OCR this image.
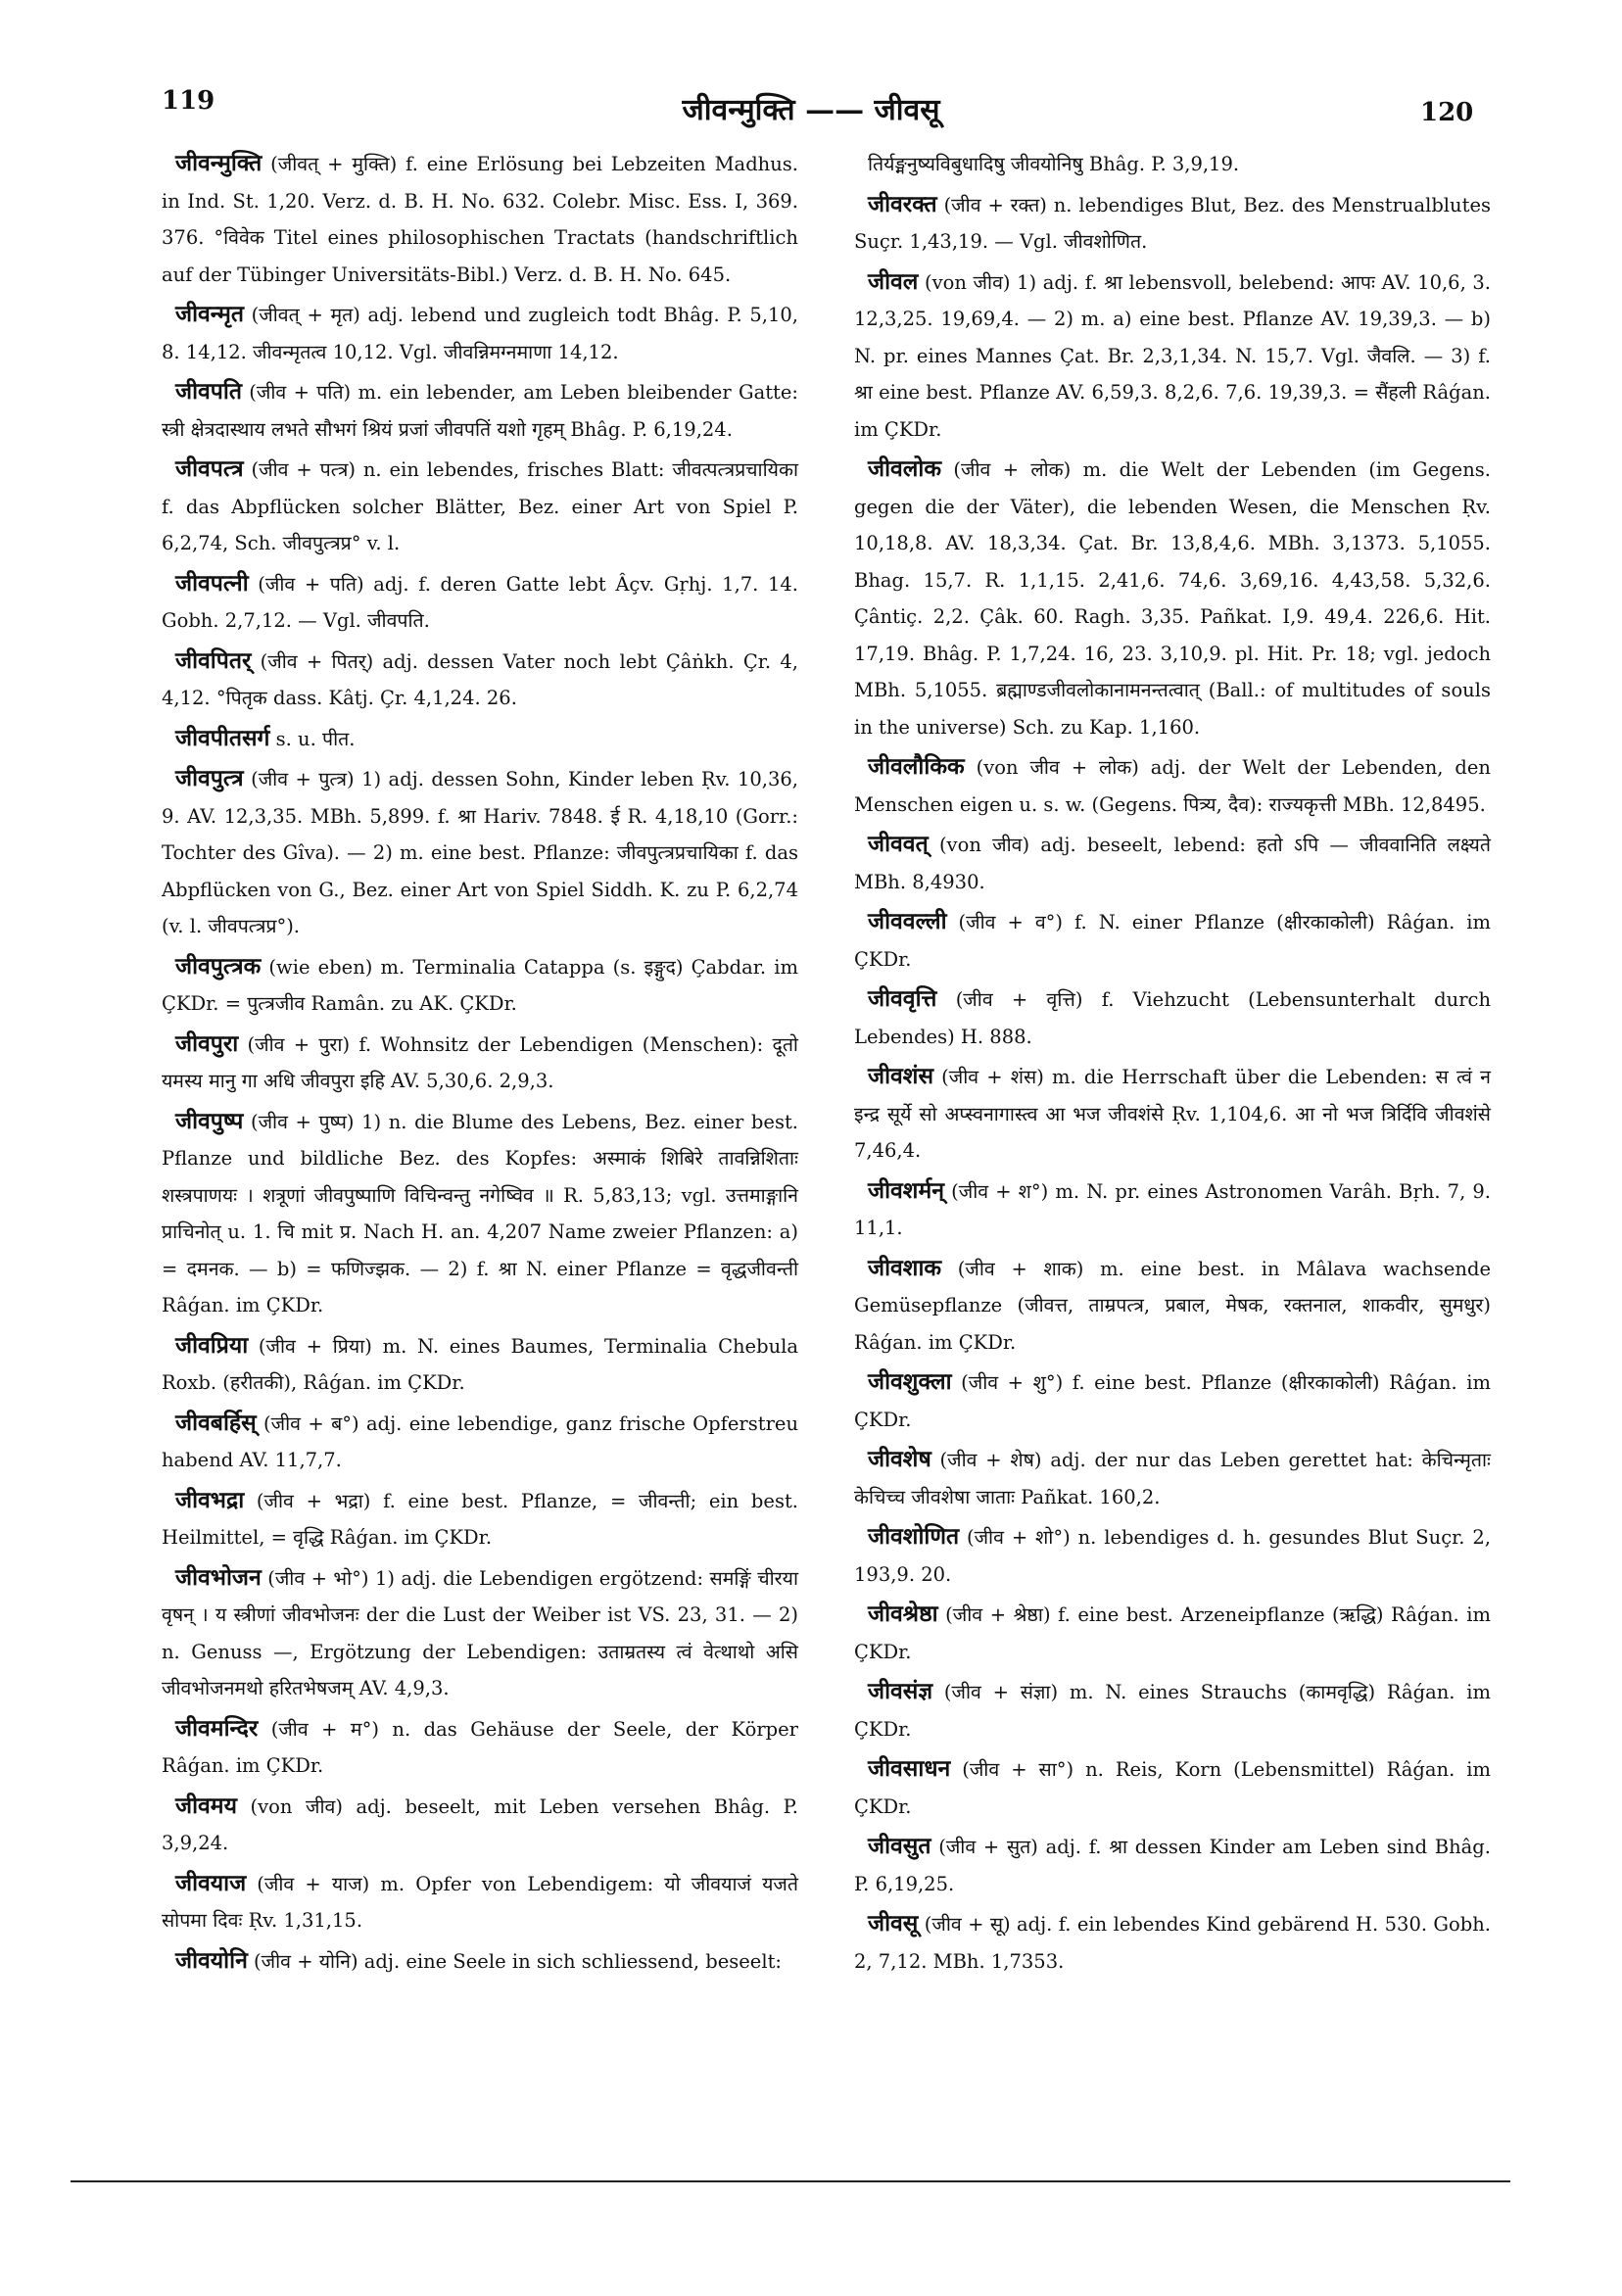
119	जीवन्मुक्ति —— जीवसू	120

जीवन्मुक्ति (जीवत् + मुक्ति) f. eine Erlösung bei Lebzeiten Madhus. in Ind. St. 1,20. Verz. d. B. H. No. 632. Colebr. Misc. Ess. I, 369. 376. °विवेक Titel eines philosophischen Tractats (handschriftlich auf der Tübinger Universitäts-Bibl.) Verz. d. B. H. No. 645.

जीवन्मृत (जीवत् + मृत) adj. lebend und zugleich todt Bhâg. P. 5,10, 8. 14,12. जीवन्मृतत्व 10,12. Vgl. जीवन्निमग्नमाणा 14,12.

जीवपति (जीव + पति) m. ein lebender, am Leben bleibender Gatte: स्त्री क्षेत्रदास्थाय लभते सौभगं श्रियं प्रजां जीवपतिं यशो गृहम् Bhâg. P. 6,19,24.

जीवपत्त्र (जीव + पत्त्र) n. ein lebendes, frisches Blatt: जीवत्पत्त्रप्रचायिका f. das Abpflücken solcher Blätter, Bez. einer Art von Spiel P. 6,2,74, Sch. जीवपुत्त्रप्र° v. l.

जीवपत्नी (जीव + पति) adj. f. deren Gatte lebt Âçv. Gṛhj. 1,7. 14. Gobh. 2,7,12. — Vgl. जीवपति.

जीवपितर् (जीव + पितर्) adj. dessen Vater noch lebt Çâṅkh. Çr. 4, 4,12. °पितृक dass. Kâtj. Çr. 4,1,24. 26.

जीवपीतसर्ग s. u. पीत.

जीवपुत्त्र (जीव + पुत्त्र) 1) adj. dessen Sohn, Kinder leben Ṛv. 10,36, 9. AV. 12,3,35. MBh. 5,899. f. श्रा Hariv. 7848. ई R. 4,18,10 (Gorr.: Tochter des Gîva). — 2) m. eine best. Pflanze: जीवपुत्त्रप्रचायिका f. das Abpflücken von G., Bez. einer Art von Spiel Siddh. K. zu P. 6,2,74 (v. l. जीवपत्त्रप्र°).

जीवपुत्त्रक (wie eben) m. Terminalia Catappa (s. इङ्गुद) Çabdar. im ÇKDr. = पुत्त्रजीव Ramân. zu AK. ÇKDr.

जीवपुरा (जीव + पुरा) f. Wohnsitz der Lebendigen (Menschen): दूतो यमस्य मानु गा अधि जीवपुरा इहि AV. 5,30,6. 2,9,3.

जीवपुष्प (जीव + पुष्प) 1) n. die Blume des Lebens, Bez. einer best. Pflanze und bildliche Bez. des Kopfes: अस्माकं शिबिरे तावन्निशिताः शस्त्रपाणयः । शत्रूणां जीवपुष्पाणि विचिन्वन्तु नगेष्विव ॥ R. 5,83,13; vgl. उत्तमाङ्गानि प्राचिनोत् u. 1. चि mit प्र. Nach H. an. 4,207 Name zweier Pflanzen: a) = दमनक. — b) = फणिज्झक. — 2) f. श्रा N. einer Pflanze = वृद्धजीवन्ती Râǵan. im ÇKDr.

जीवप्रिया (जीव + प्रिया) m. N. eines Baumes, Terminalia Chebula Roxb. (हरीतकी), Râǵan. im ÇKDr.

जीवबर्हिस् (जीव + ब°) adj. eine lebendige, ganz frische Opferstreu habend AV. 11,7,7.

जीवभद्रा (जीव + भद्रा) f. eine best. Pflanze, = जीवन्ती; ein best. Heilmittel, = वृद्धि Râǵan. im ÇKDr.

जीवभोजन (जीव + भो°) 1) adj. die Lebendigen ergötzend: समङ्गिं चीरया वृषन् । य स्त्रीणां जीवभोजनः der die Lust der Weiber ist VS. 23, 31. — 2) n. Genuss —, Ergötzung der Lebendigen: उताम्रतस्य त्वं वेत्थाथो असि जीवभोजनमथो हरितभेषजम् AV. 4,9,3.

जीवमन्दिर (जीव + म°) n. das Gehäuse der Seele, der Körper Râǵan. im ÇKDr.

जीवमय (von जीव) adj. beseelt, mit Leben versehen Bhâg. P. 3,9,24.

जीवयाज (जीव + याज) m. Opfer von Lebendigem: यो जीवयाजं यजते सोपमा दिवः Ṛv. 1,31,15.

जीवयोनि (जीव + योनि) adj. eine Seele in sich schliessend, beseelt:

तिर्यङ्मनुष्यविबुधादिषु जीवयोनिषु Bhâg. P. 3,9,19.

जीवरक्त (जीव + रक्त) n. lebendiges Blut, Bez. des Menstrualblutes Suçr. 1,43,19. — Vgl. जीवशोणित.

जीवल (von जीव) 1) adj. f. श्रा lebensvoll, belebend: आपः AV. 10,6, 3. 12,3,25. 19,69,4. — 2) m. a) eine best. Pflanze AV. 19,39,3. — b) N. pr. eines Mannes Çat. Br. 2,3,1,34. N. 15,7. Vgl. जैवलि. — 3) f. श्रा eine best. Pflanze AV. 6,59,3. 8,2,6. 7,6. 19,39,3. = सैंहली Râǵan. im ÇKDr.

जीवलोक (जीव + लोक) m. die Welt der Lebenden (im Gegens. gegen die der Väter), die lebenden Wesen, die Menschen Ṛv. 10,18,8. AV. 18,3,34. Çat. Br. 13,8,4,6. MBh. 3,1373. 5,1055. Bhag. 15,7. R. 1,1,15. 2,41,6. 74,6. 3,69,16. 4,43,58. 5,32,6. Çântiç. 2,2. Çâk. 60. Ragh. 3,35. Pañkat. I,9. 49,4. 226,6. Hit. 17,19. Bhâg. P. 1,7,24. 16, 23. 3,10,9. pl. Hit. Pr. 18; vgl. jedoch MBh. 5,1055. ब्रह्माण्डजीवलोकानामनन्तत्वात् (Ball.: of multitudes of souls in the universe) Sch. zu Kap. 1,160.

जीवलौकिक (von जीव + लोक) adj. der Welt der Lebenden, den Menschen eigen u. s. w. (Gegens. पित्र्य, दैव): राज्यकृत्ती MBh. 12,8495.

जीववत् (von जीव) adj. beseelt, lebend: हतो ऽपि — जीववानिति लक्ष्यते MBh. 8,4930.

जीववल्ली (जीव + व°) f. N. einer Pflanze (क्षीरकाकोली) Râǵan. im ÇKDr.

जीववृत्ति (जीव + वृत्ति) f. Viehzucht (Lebensunterhalt durch Lebendes) H. 888.

जीवशंस (जीव + शंस) m. die Herrschaft über die Lebenden: स त्वं न इन्द्र सूर्ये सो अप्स्वनागास्त्व आ भज जीवशंसे Ṛv. 1,104,6. आ नो भज त्रिर्दिवि जीवशंसे 7,46,4.

जीवशर्मन् (जीव + श°) m. N. pr. eines Astronomen Varâh. Bṛh. 7, 9. 11,1.

जीवशाक (जीव + शाक) m. eine best. in Mâlava wachsende Gemüsepflanze (जीवत्त, ताम्रपत्त्र, प्रबाल, मेषक, रक्तनाल, शाकवीर, सुमधुर) Râǵan. im ÇKDr.

जीवशुक्ला (जीव + शु°) f. eine best. Pflanze (क्षीरकाकोली) Râǵan. im ÇKDr.

जीवशेष (जीव + शेष) adj. der nur das Leben gerettet hat: केचिन्मृताः केचिच्च जीवशेषा जाताः Pañkat. 160,2.

जीवशोणित (जीव + शो°) n. lebendiges d. h. gesundes Blut Suçr. 2, 193,9. 20.

जीवश्रेष्ठा (जीव + श्रेष्ठा) f. eine best. Arzeneipflanze (ऋद्धि) Râǵan. im ÇKDr.

जीवसंज्ञ (जीव + संज्ञा) m. N. eines Strauchs (कामवृद्धि) Râǵan. im ÇKDr.

जीवसाधन (जीव + सा°) n. Reis, Korn (Lebensmittel) Râǵan. im ÇKDr.

जीवसुत (जीव + सुत) adj. f. श्रा dessen Kinder am Leben sind Bhâg. P. 6,19,25.

जीवसू (जीव + सू) adj. f. ein lebendes Kind gebärend H. 530. Gobh. 2, 7,12. MBh. 1,7353.
